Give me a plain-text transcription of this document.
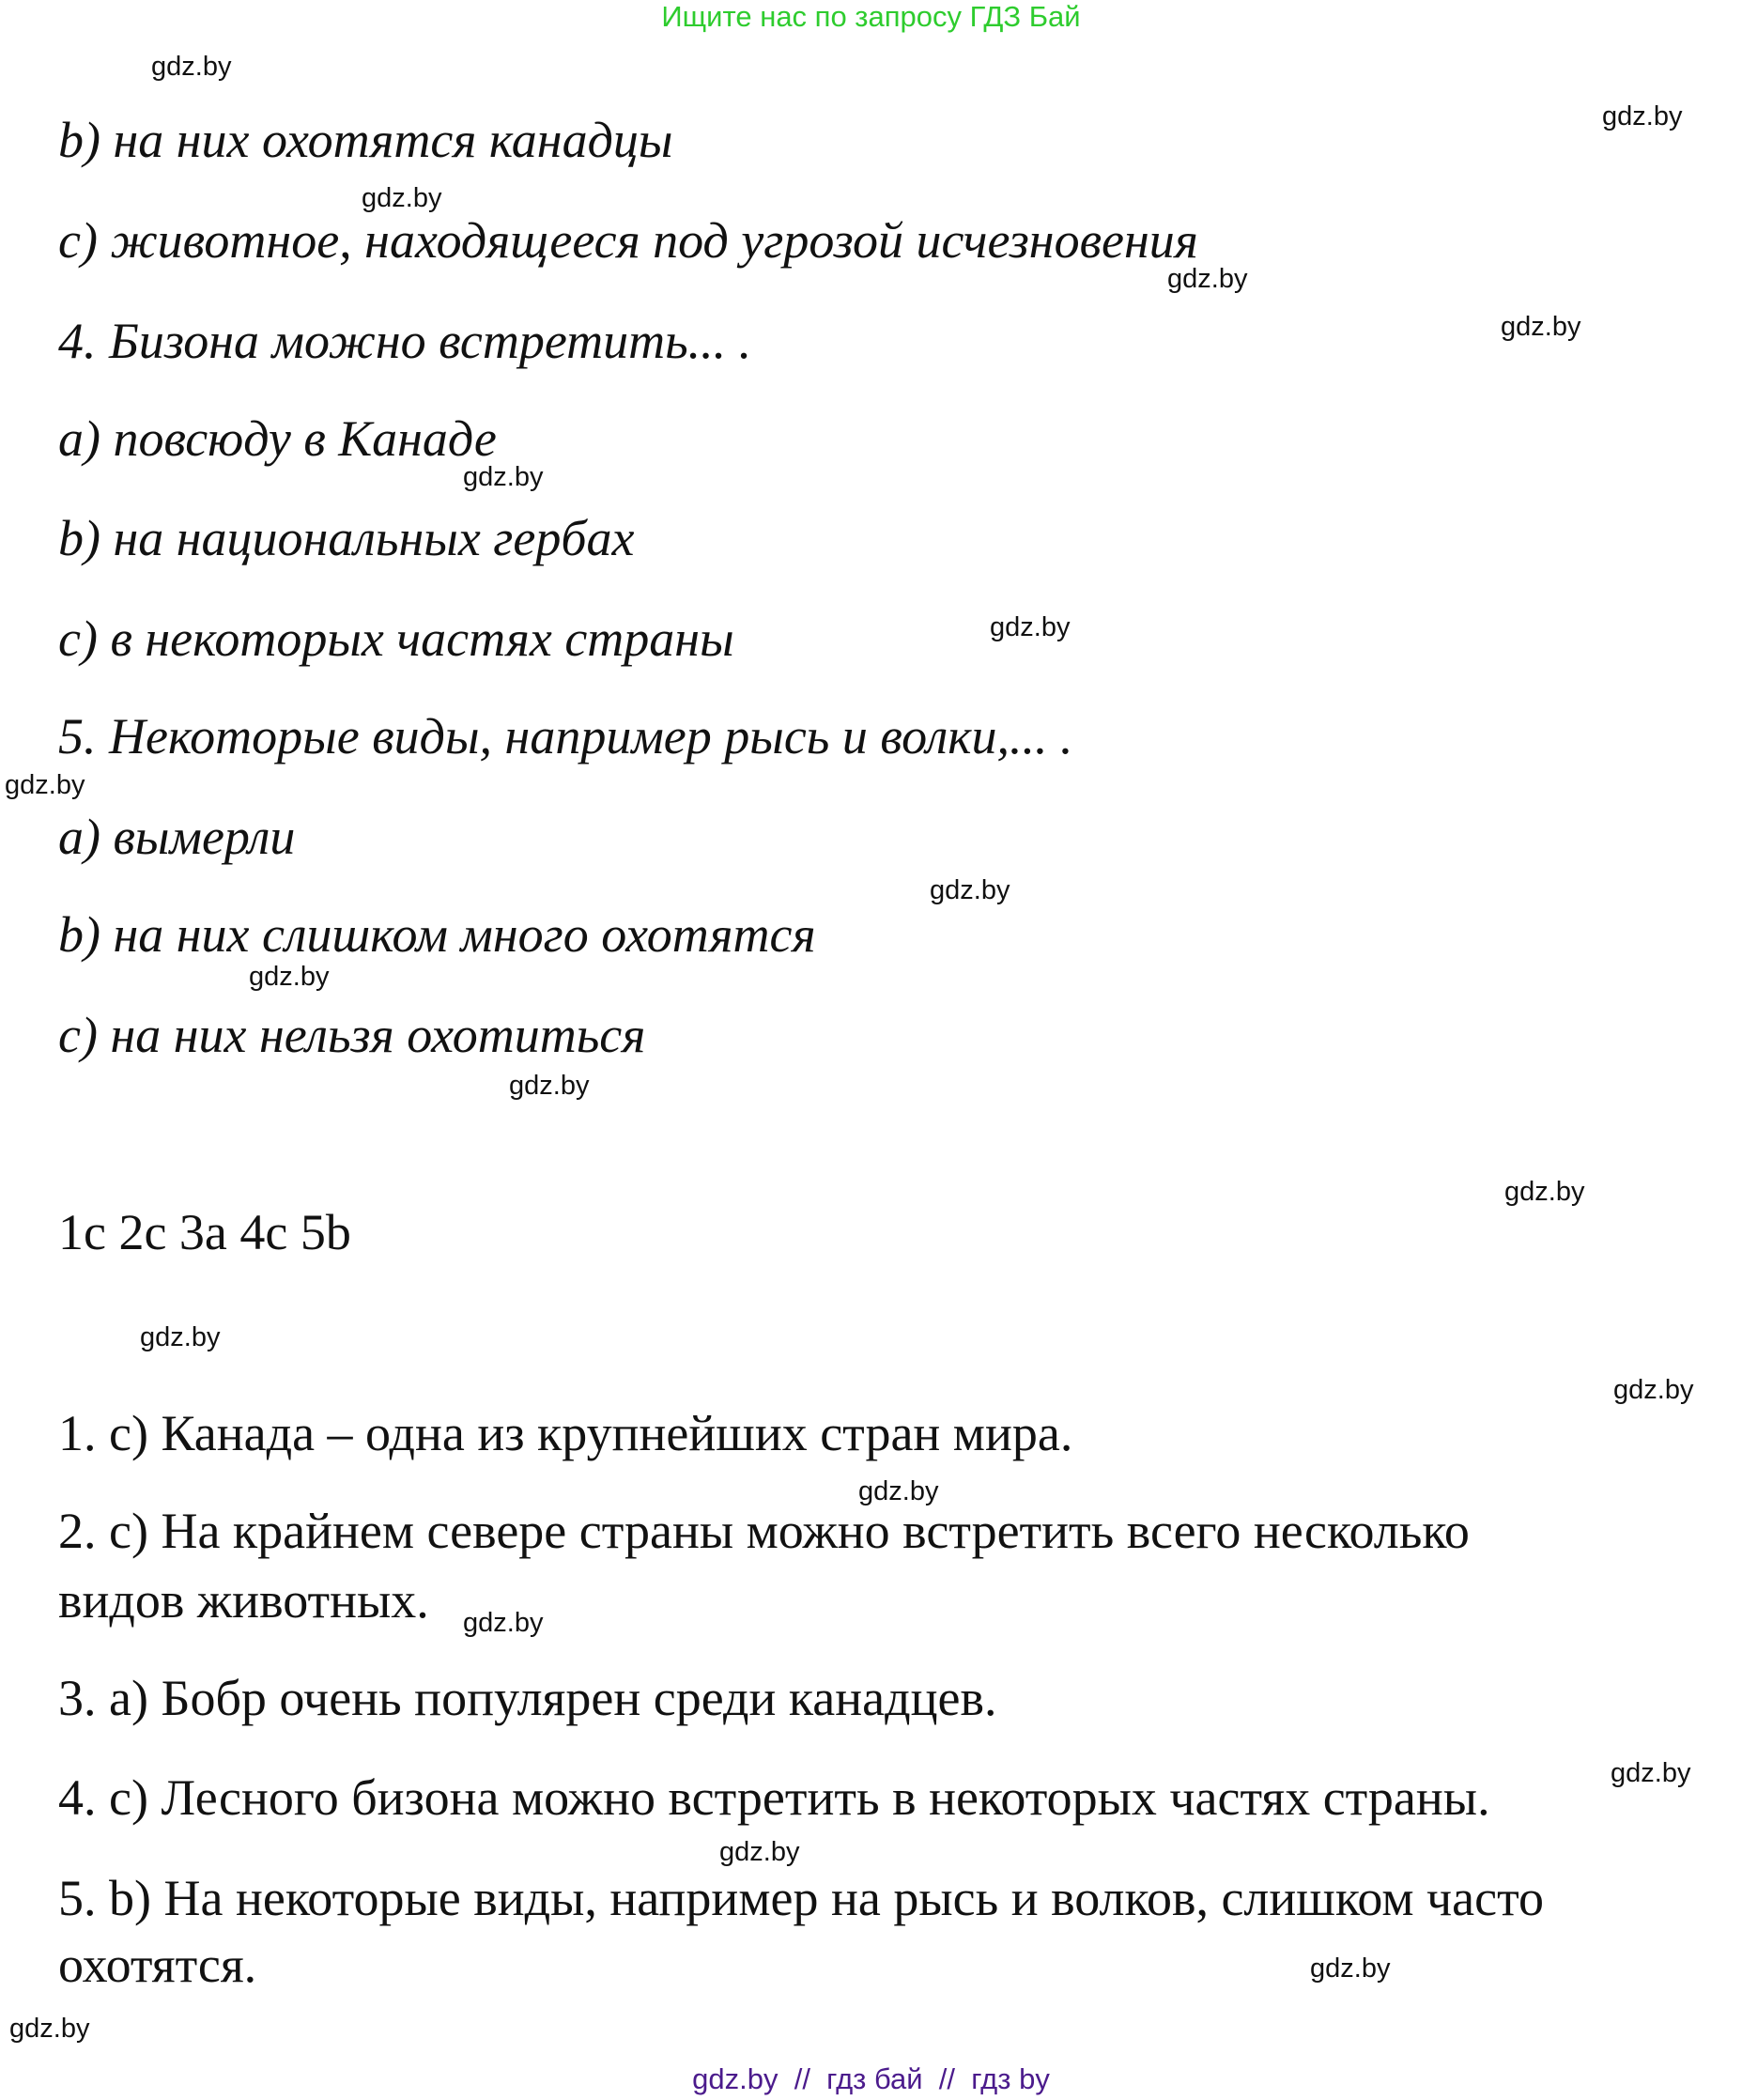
Ищите нас по запросу ГДЗ Бай
b) на них охотятся канадцы
c) животное, находящееся под угрозой исчезновения
4. Бизона можно встретить... .
a) повсюду в Канаде
b) на национальных гербах
c) в некоторых частях страны
5. Некоторые виды, например рысь и волки,... .
a) вымерли
b) на них слишком много охотятся
c) на них нельзя охотиться
1c 2c 3a 4c 5b
1. c) Канада – одна из крупнейших стран мира.
2. c) На крайнем севере страны можно встретить всего несколько
видов животных.
3. a) Бобр очень популярен среди канадцев.
4. c) Лесного бизона можно встретить в некоторых частях страны.
5. b) На некоторые виды, например на рысь и волков, слишком часто
охотятся.
gdz.by
gdz.by
gdz.by
gdz.by
gdz.by
gdz.by
gdz.by
gdz.by
gdz.by
gdz.by
gdz.by
gdz.by
gdz.by
gdz.by
gdz.by
gdz.by
gdz.by
gdz.by
gdz.by
gdz.by
gdz.by  //  гдз бай  //  гдз by
